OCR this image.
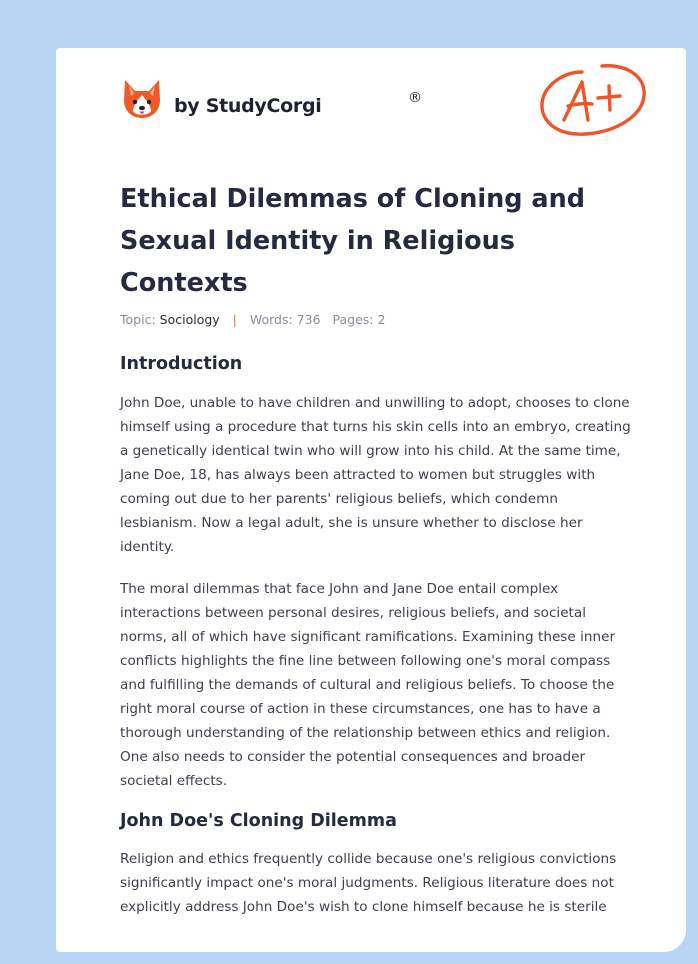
by StudyCorgi	®
Ethical Dilemmas of Cloning and Sexual Identity in Religious Contexts
Topic: Sociology | Words: 736 Pages: 2
Introduction

John Doe, unable to have children and unwilling to adopt, chooses to clone himself using a procedure that turns his skin cells into an embryo, creating a genetically identical twin who will grow into his child. At the same time, Jane Doe, 18, has always been attracted to women but struggles with coming out due to her parents' religious beliefs, which condemn lesbianism. Now a legal adult, she is unsure whether to disclose her identity.

The moral dilemmas that face John and Jane Doe entail complex interactions between personal desires, religious beliefs, and societal norms, all of which have significant ramifications. Examining these inner conflicts highlights the fine line between following one's moral compass and fulfilling the demands of cultural and religious beliefs. To choose the right moral course of action in these circumstances, one has to have a thorough understanding of the relationship between ethics and religion. One also needs to consider the potential consequences and broader societal effects.

John Doe's Cloning Dilemma

Religion and ethics frequently collide because one's religious convictions significantly impact one's moral judgments. Religious literature does not explicitly address John Doe's wish to clone himself because he is sterile
